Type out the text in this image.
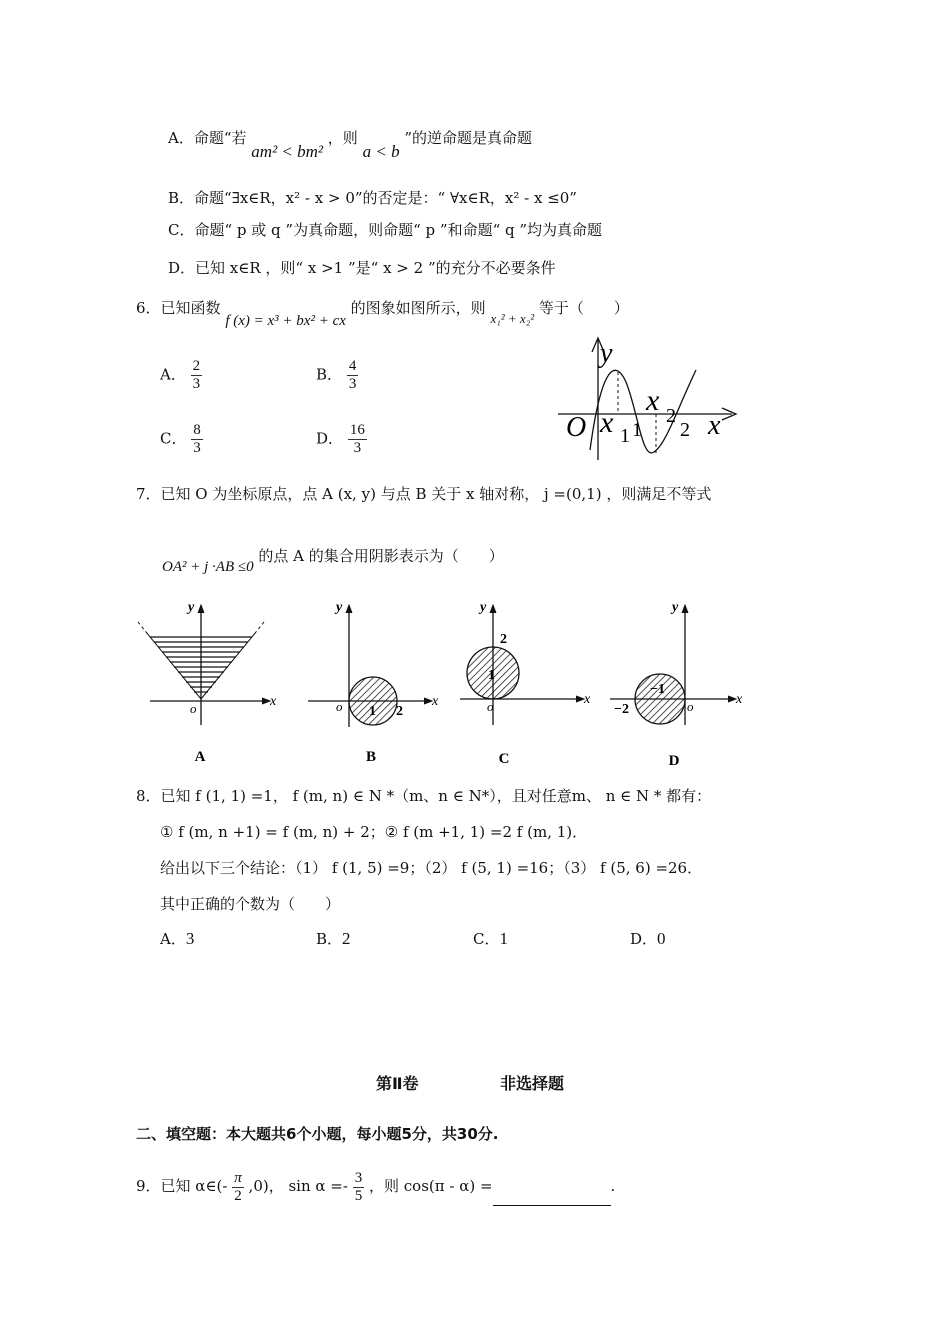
A．命题“若 am² < bm² ，则 a < b ”的逆命题是真命题
B．命题“∃x∈R，x² - x > 0”的否定是：“ ∀x∈R，x² - x ≤0”
C．命题“ p 或 q ”为真命题，则命题“ p ”和命题“ q ”均为真命题
D．已知 x∈R ，则“ x >1 ”是“ x > 2 ”的充分不必要条件
6．已知函数 f (x) = x³ + bx² + cx 的图象如图所示，则 x₁² + x₂² 等于（　　）
A． $\frac{2}{3}$	B． $\frac{4}{3}$
C． $\frac{8}{3}$	D． $\frac{16}{3}$
y
O x 1 1
x 2
2 x
7．已知 O 为坐标原点，点 A (x, y) 与点 B 关于 x 轴对称， j =(0,1) ，则满足不等式
OA² + j ·AB ≤0 的点 A 的集合用阴影表示为（　　）
y
x
o
A
y
x
o 1 2
B
y
x
o
2
1
C
y
x
o
−1
−2
D
8．已知 f (1, 1) =1， f (m, n) ∈ N *（m、n ∈ N*），且对任意m、 n ∈ N * 都有：
① f (m, n +1) = f (m, n) + 2；② f (m +1, 1) =2 f (m, 1)．
给出以下三个结论：（1） f (1, 5) =9；（2） f (5, 1) =16；（3） f (5, 6) =26．
其中正确的个数为（　　）
A．3	B．2	C．1	D．0
第Ⅱ卷	非选择题
二、填空题：本大题共6个小题，每小题5分，共30分.
9．已知 α∈(- $\frac{\pi}{2} ,0$)， $\sin \alpha =- \frac{3}{5}$ ，则 cos(π - α) =	.
